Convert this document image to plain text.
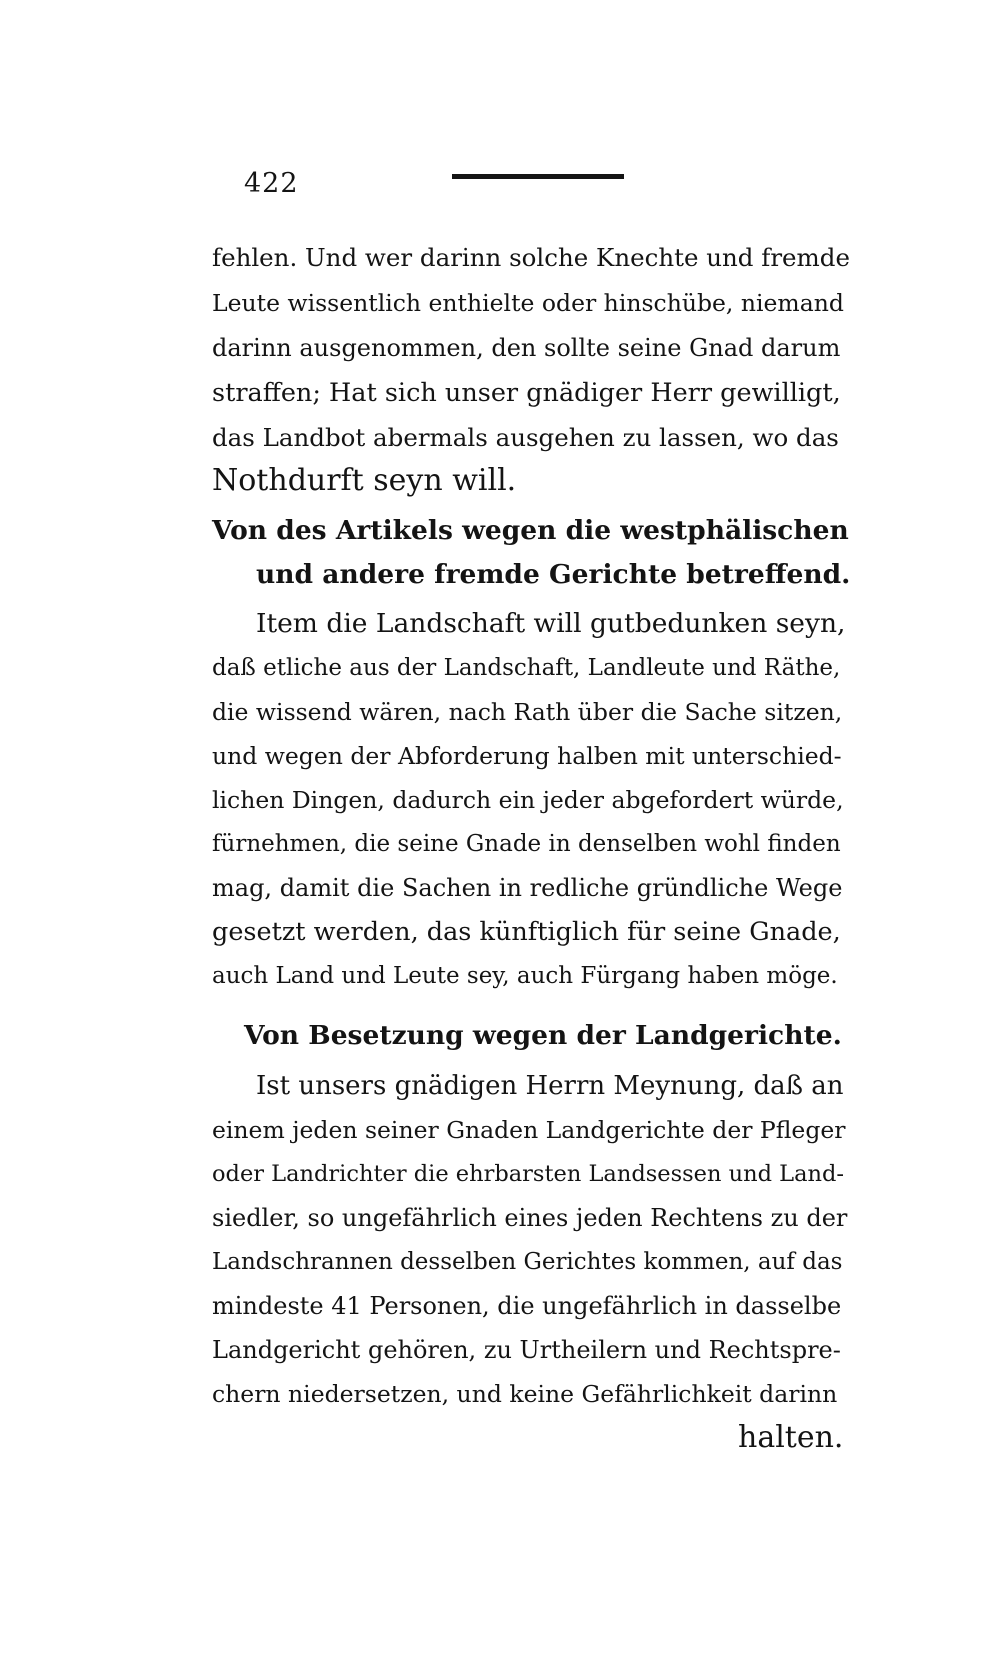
422
fehlen. Und wer darinn solche Knechte und fremde
Leute wissentlich enthielte oder hinschübe, niemand
darinn ausgenommen, den sollte seine Gnad darum
straffen; Hat sich unser gnädiger Herr gewilligt,
das Landbot abermals ausgehen zu lassen, wo das
Nothdurft seyn will.
Von des Artikels wegen die westphälischen
und andere fremde Gerichte betreffend.
Item die Landschaft will gutbedunken seyn,
daß etliche aus der Landschaft, Landleute und Räthe,
die wissend wären, nach Rath über die Sache sitzen,
und wegen der Abforderung halben mit unterschied-
lichen Dingen, dadurch ein jeder abgefordert würde,
fürnehmen, die seine Gnade in denselben wohl finden
mag, damit die Sachen in redliche gründliche Wege
gesetzt werden, das künftiglich für seine Gnade,
auch Land und Leute sey, auch Fürgang haben möge.
Von Besetzung wegen der Landgerichte.
Ist unsers gnädigen Herrn Meynung, daß an
einem jeden seiner Gnaden Landgerichte der Pfleger
oder Landrichter die ehrbarsten Landsessen und Land-
siedler, so ungefährlich eines jeden Rechtens zu der
Landschrannen desselben Gerichtes kommen, auf das
mindeste 41 Personen, die ungefährlich in dasselbe
Landgericht gehören, zu Urtheilern und Rechtspre-
chern niedersetzen, und keine Gefährlichkeit darinn
halten.
